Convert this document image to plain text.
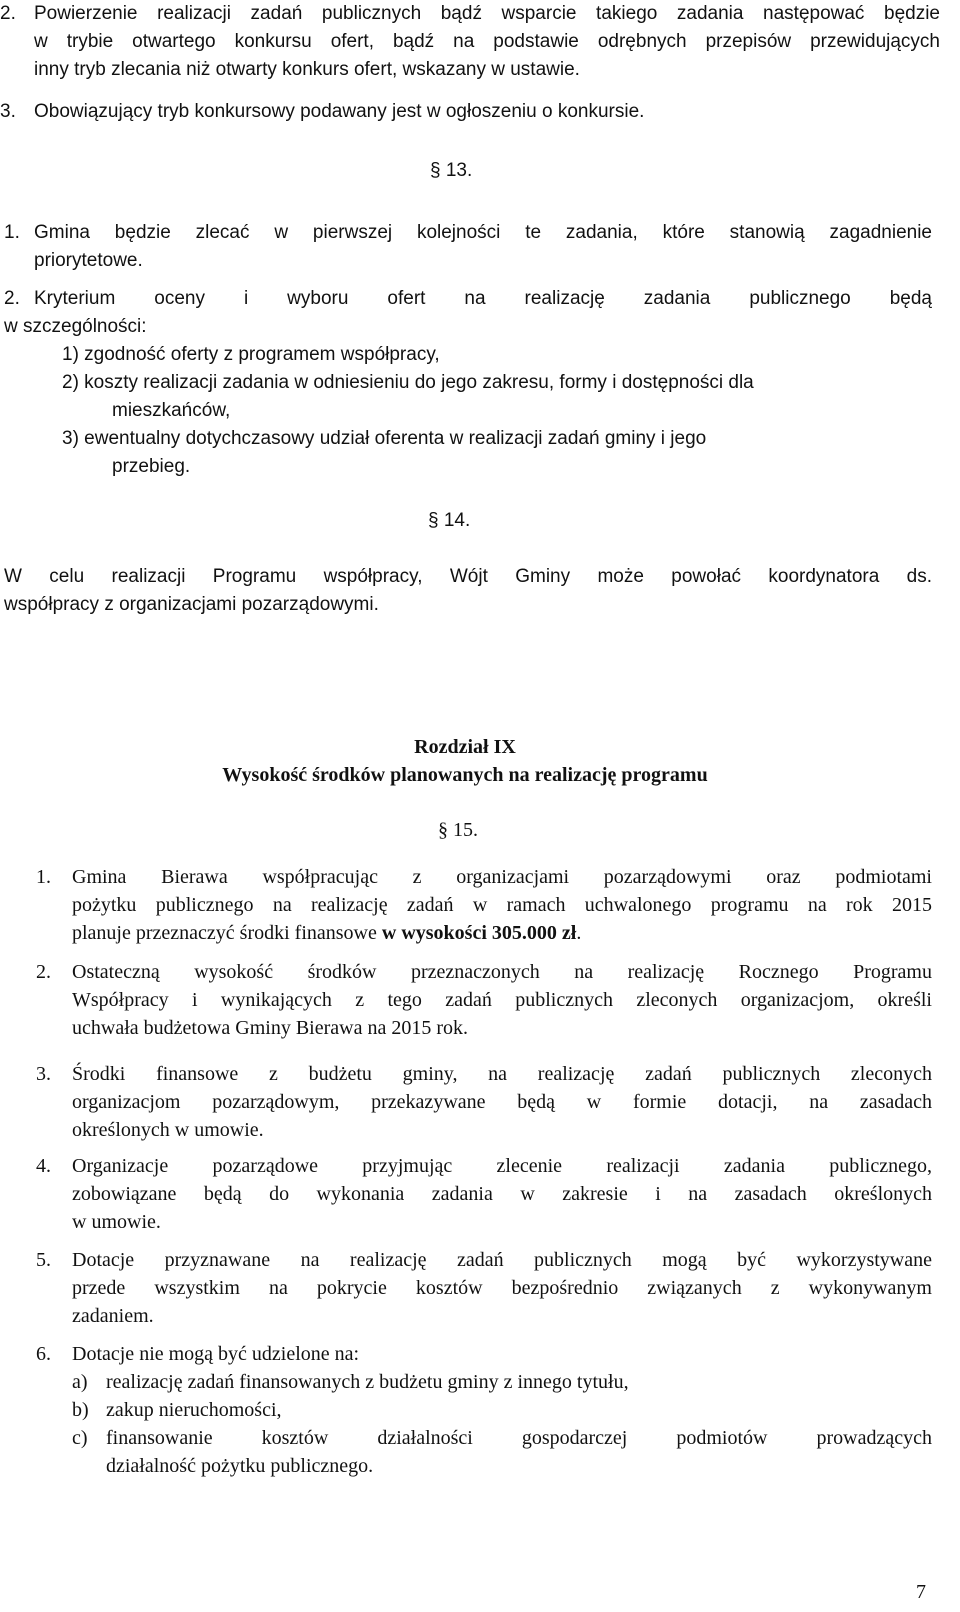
2. Powierzenie realizacji zadań publicznych bądź wsparcie takiego zadania następować będzie
w trybie otwartego konkursu ofert, bądź na podstawie odrębnych przepisów przewidujących
inny tryb zlecania niż otwarty konkurs ofert, wskazany w ustawie.
3. Obowiązujący tryb konkursowy podawany jest w ogłoszeniu o konkursie.
§ 13.
1. Gmina będzie zlecać w pierwszej kolejności te zadania, które stanowią zagadnienie
priorytetowe.
2. Kryterium oceny i wyboru ofert na realizację zadania publicznego będą
w szczególności:
1) zgodność oferty z programem współpracy,
2) koszty realizacji zadania w odniesieniu do jego zakresu, formy i dostępności dla
mieszkańców,
3) ewentualny dotychczasowy udział oferenta w realizacji zadań gminy i jego
przebieg.
§ 14.
W celu realizacji Programu współpracy, Wójt Gminy może powołać koordynatora ds.
współpracy z organizacjami pozarządowymi.
Rozdział IX
Wysokość środków planowanych na realizację programu
§ 15.
1. Gmina Bierawa współpracując z organizacjami pozarządowymi oraz podmiotami
pożytku publicznego na realizację zadań w ramach uchwalonego programu na rok 2015
planuje przeznaczyć środki finansowe w wysokości 305.000 zł.
2. Ostateczną wysokość środków przeznaczonych na realizację Rocznego Programu
Współpracy i wynikających z tego zadań publicznych zleconych organizacjom, określi
uchwała budżetowa Gminy Bierawa na 2015 rok.
3. Środki finansowe z budżetu gminy, na realizację zadań publicznych zleconych
organizacjom pozarządowym, przekazywane będą w formie dotacji, na zasadach
określonych w umowie.
4. Organizacje pozarządowe przyjmując zlecenie realizacji zadania publicznego,
zobowiązane będą do wykonania zadania w zakresie i na zasadach określonych
w umowie.
5. Dotacje przyznawane na realizację zadań publicznych mogą być wykorzystywane
przede wszystkim na pokrycie kosztów bezpośrednio związanych z wykonywanym
zadaniem.
6. Dotacje nie mogą być udzielone na:
a) realizację zadań finansowanych z budżetu gminy z innego tytułu,
b) zakup nieruchomości,
c) finansowanie kosztów działalności gospodarczej podmiotów prowadzących
działalność pożytku publicznego.
7
